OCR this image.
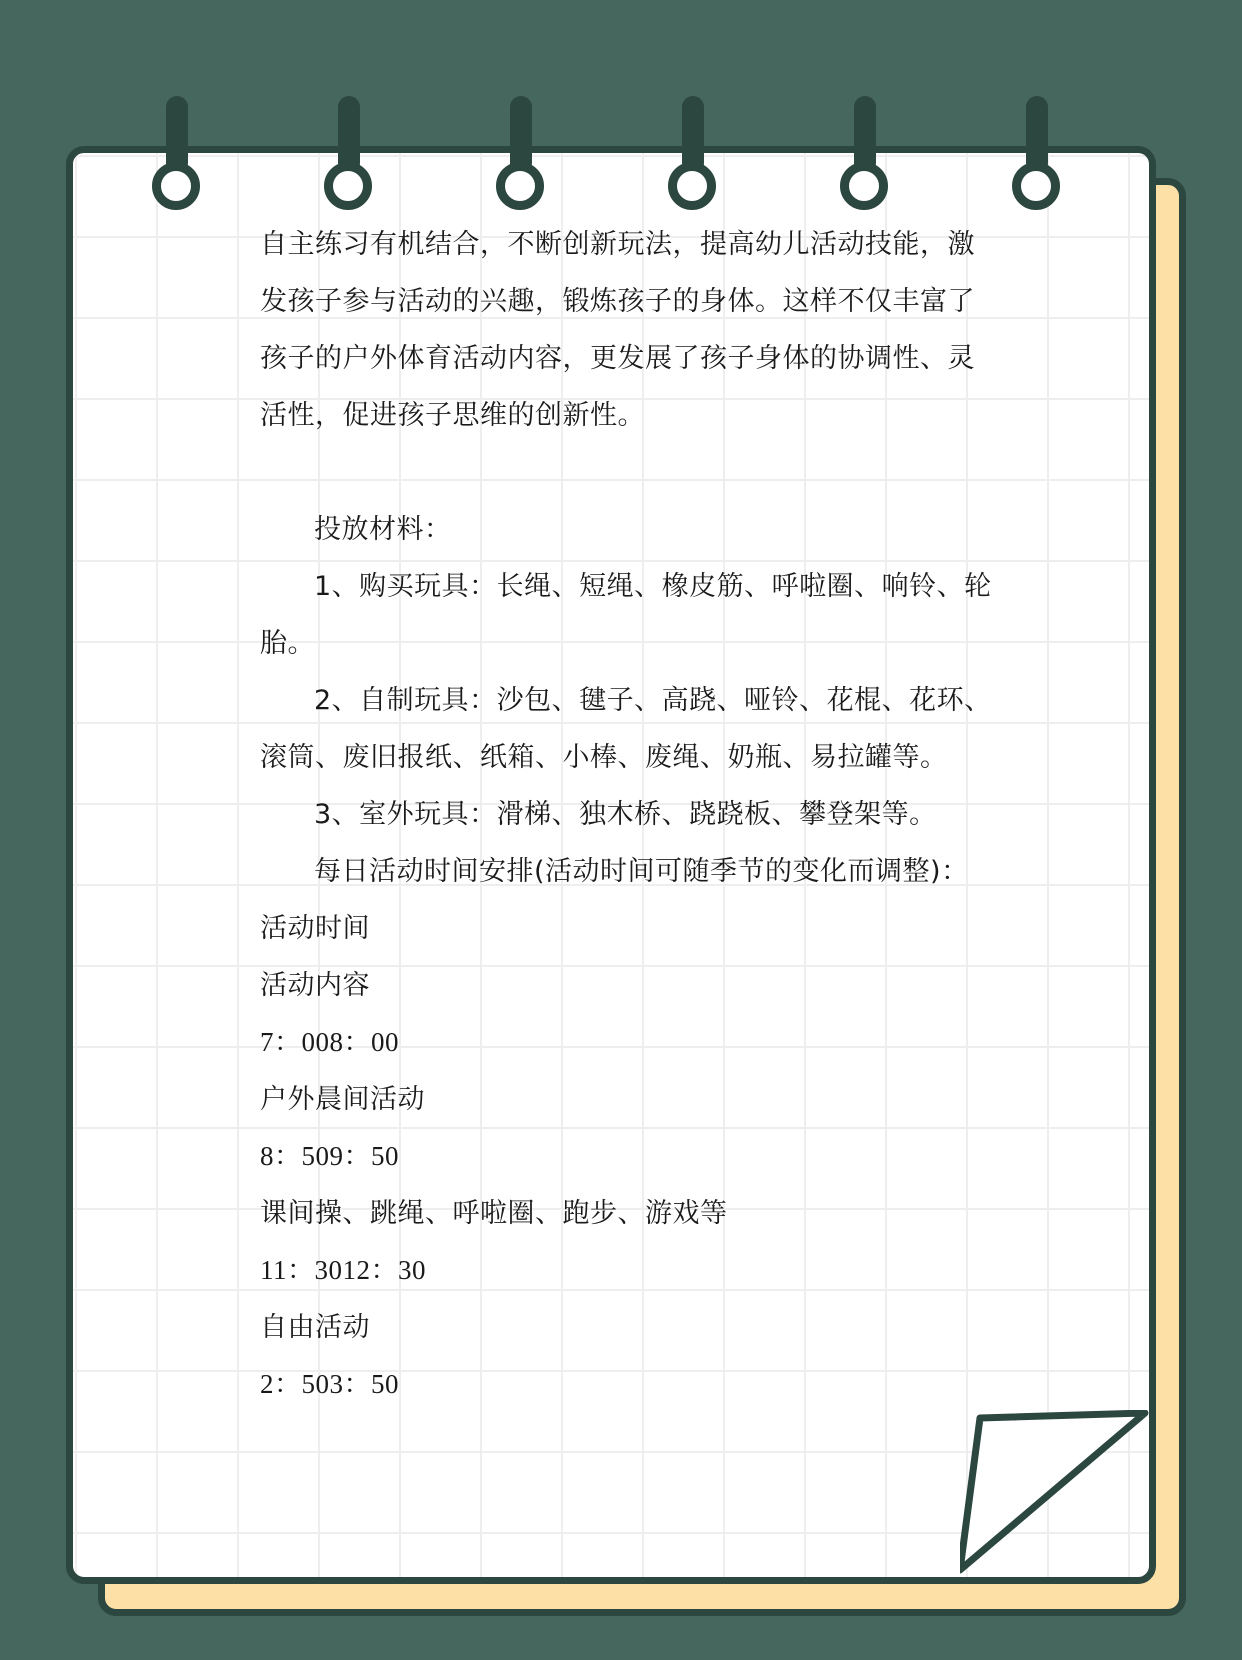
自主练习有机结合，不断创新玩法，提高幼儿活动技能，激
发孩子参与活动的兴趣，锻炼孩子的身体。这样不仅丰富了
孩子的户外体育活动内容，更发展了孩子身体的协调性、灵
活性，促进孩子思维的创新性。
投放材料：
1、购买玩具：长绳、短绳、橡皮筋、呼啦圈、响铃、轮
胎。
2、自制玩具：沙包、毽子、高跷、哑铃、花棍、花环、
滚筒、废旧报纸、纸箱、小棒、废绳、奶瓶、易拉罐等。
3、室外玩具：滑梯、独木桥、跷跷板、攀登架等。
每日活动时间安排(活动时间可随季节的变化而调整)：
活动时间
活动内容
7：008：00
户外晨间活动
8：509：50
课间操、跳绳、呼啦圈、跑步、游戏等
11：3012：30
自由活动
2：503：50
